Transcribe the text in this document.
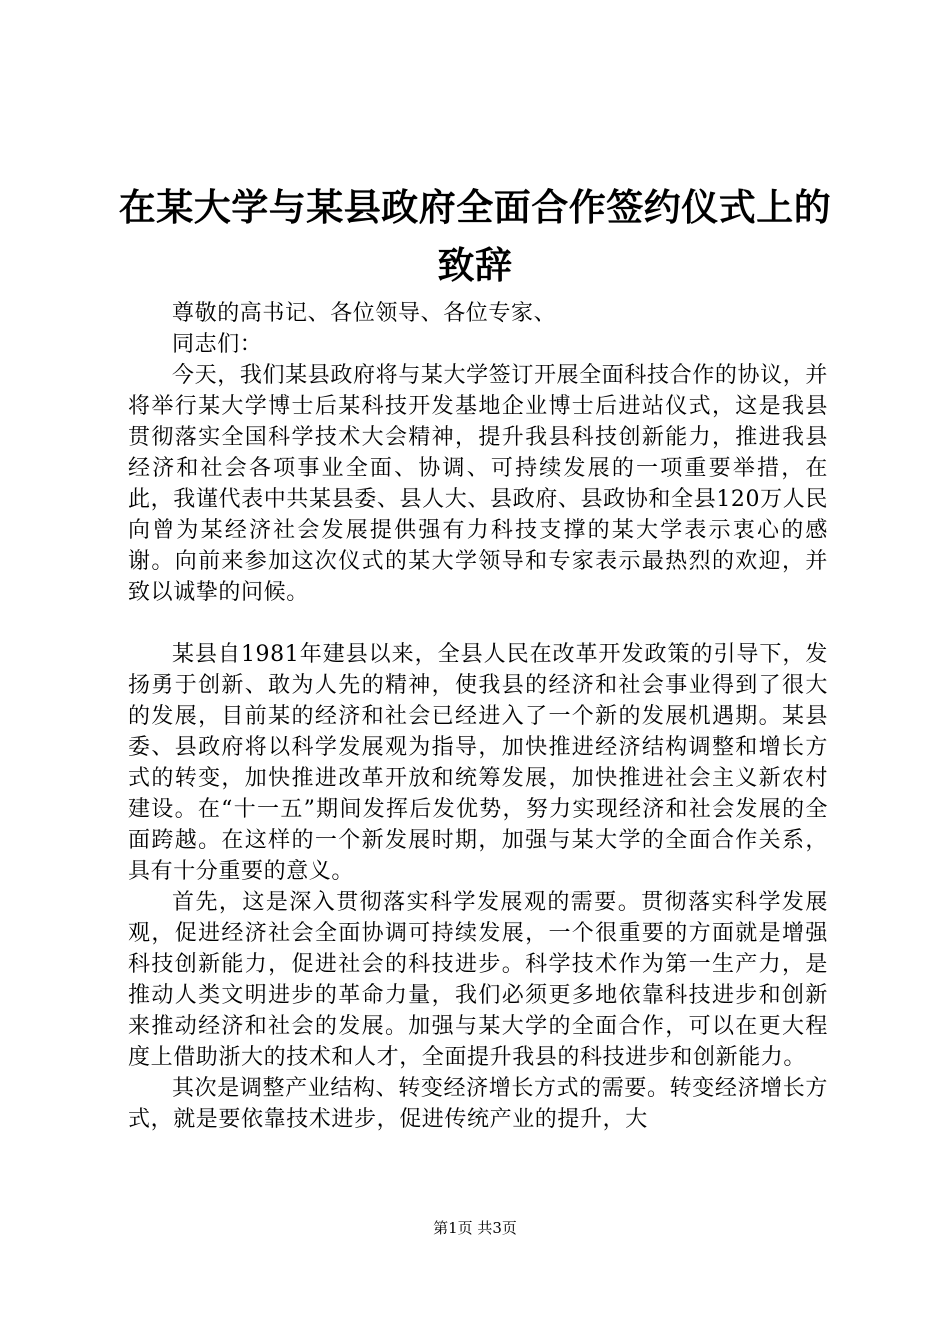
在某大学与某县政府全面合作签约仪式上的致辞

尊敬的高书记、各位领导、各位专家、

同志们：

今天，我们某县政府将与某大学签订开展全面科技合作的协议，并将举行某大学博士后某科技开发基地企业博士后进站仪式，这是我县贯彻落实全国科学技术大会精神，提升我县科技创新能力，推进我县经济和社会各项事业全面、协调、可持续发展的一项重要举措，在此，我谨代表中共某县委、县人大、县政府、县政协和全县120万人民向曾为某经济社会发展提供强有力科技支撑的某大学表示衷心的感谢。向前来参加这次仪式的某大学领导和专家表示最热烈的欢迎，并致以诚挚的问候。

某县自1981年建县以来，全县人民在改革开发政策的引导下，发扬勇于创新、敢为人先的精神，使我县的经济和社会事业得到了很大的发展，目前某的经济和社会已经进入了一个新的发展机遇期。某县委、县政府将以科学发展观为指导，加快推进经济结构调整和增长方式的转变，加快推进改革开放和统筹发展，加快推进社会主义新农村建设。在“十一五”期间发挥后发优势，努力实现经济和社会发展的全面跨越。在这样的一个新发展时期，加强与某大学的全面合作关系，具有十分重要的意义。

首先，这是深入贯彻落实科学发展观的需要。贯彻落实科学发展观，促进经济社会全面协调可持续发展，一个很重要的方面就是增强科技创新能力，促进社会的科技进步。科学技术作为第一生产力，是推动人类文明进步的革命力量，我们必须更多地依靠科技进步和创新来推动经济和社会的发展。加强与某大学的全面合作，可以在更大程度上借助浙大的技术和人才，全面提升我县的科技进步和创新能力。

其次是调整产业结构、转变经济增长方式的需要。转变经济增长方式，就是要依靠技术进步，促进传统产业的提升，大

第1页 共3页
